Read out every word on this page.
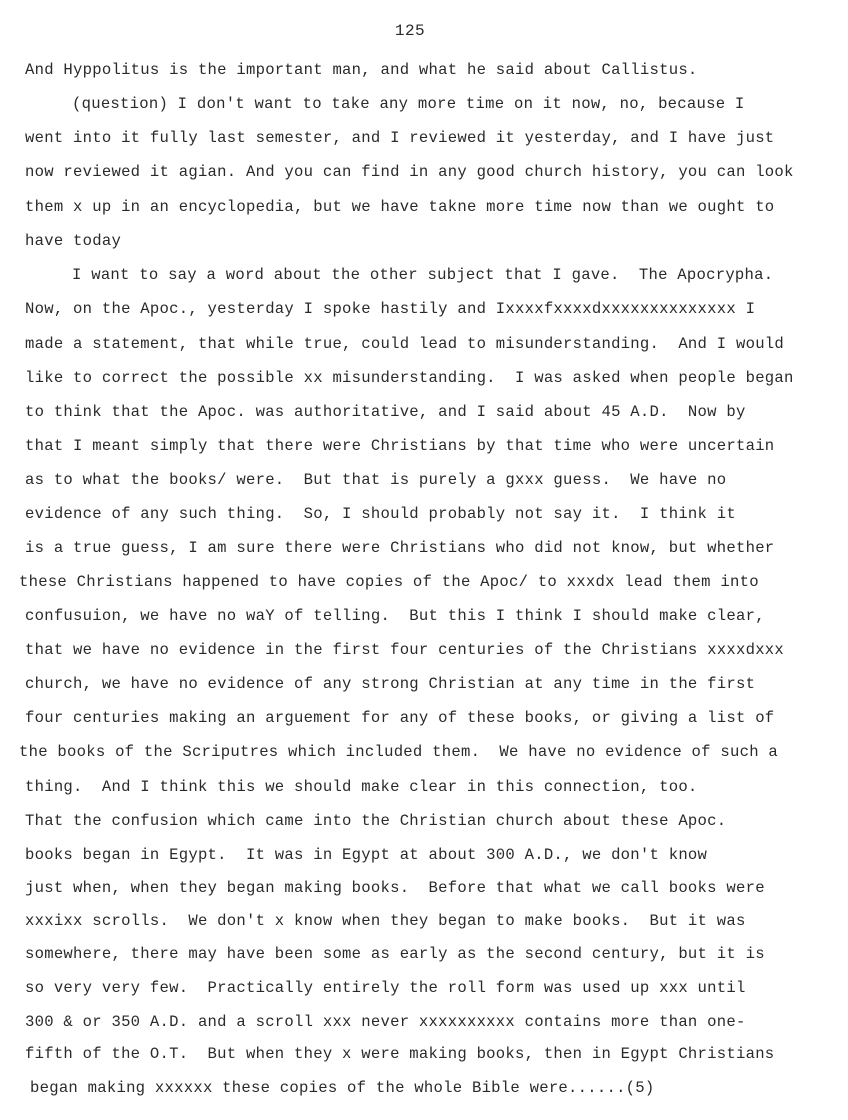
125
And Hyppolitus is the important man, and what he said about Callistus.
(question) I don't want to take any more time on it now, no, because I
went into it fully last semester, and I reviewed it yesterday, and I have just
now reviewed it agian. And you can find in any good church history, you can look
them x up in an encyclopedia, but we have takne more time now than we ought to
have today
I want to say a word about the other subject that I gave.  The Apocrypha.
Now, on the Apoc., yesterday I spoke hastily and Ixxxxfxxxxdxxxxxxxxxxxxxx I
made a statement, that while true, could lead to misunderstanding.  And I would
like to correct the possible xx misunderstanding.  I was asked when people began
to think that the Apoc. was authoritative, and I said about 45 A.D.  Now by
that I meant simply that there were Christians by that time who were uncertain
as to what the books/ were.  But that is purely a gxxx guess.  We have no
evidence of any such thing.  So, I should probably not say it.  I think it
is a true guess, I am sure there were Christians who did not know, but whether
these Christians happened to have copies of the Apoc/ to xxxdx lead them into
confusuion, we have no waY of telling.  But this I think I should make clear,
that we have no evidence in the first four centuries of the Christians xxxxdxxx
church, we have no evidence of any strong Christian at any time in the first
four centuries making an arguement for any of these books, or giving a list of
the books of the Scriputres which included them.  We have no evidence of such a
thing.  And I think this we should make clear in this connection, too.
That the confusion which came into the Christian church about these Apoc.
books began in Egypt.  It was in Egypt at about 300 A.D., we don't know
just when, when they began making books.  Before that what we call books were
xxxixx scrolls.  We don't x know when they began to make books.  But it was
somewhere, there may have been some as early as the second century, but it is
so very very few.  Practically entirely the roll form was used up xxx until
300 & or 350 A.D. and a scroll xxx never xxxxxxxxxx contains more than one-
fifth of the O.T.  But when they x were making books, then in Egypt Christians
began making xxxxxx these copies of the whole Bible were......(5)
